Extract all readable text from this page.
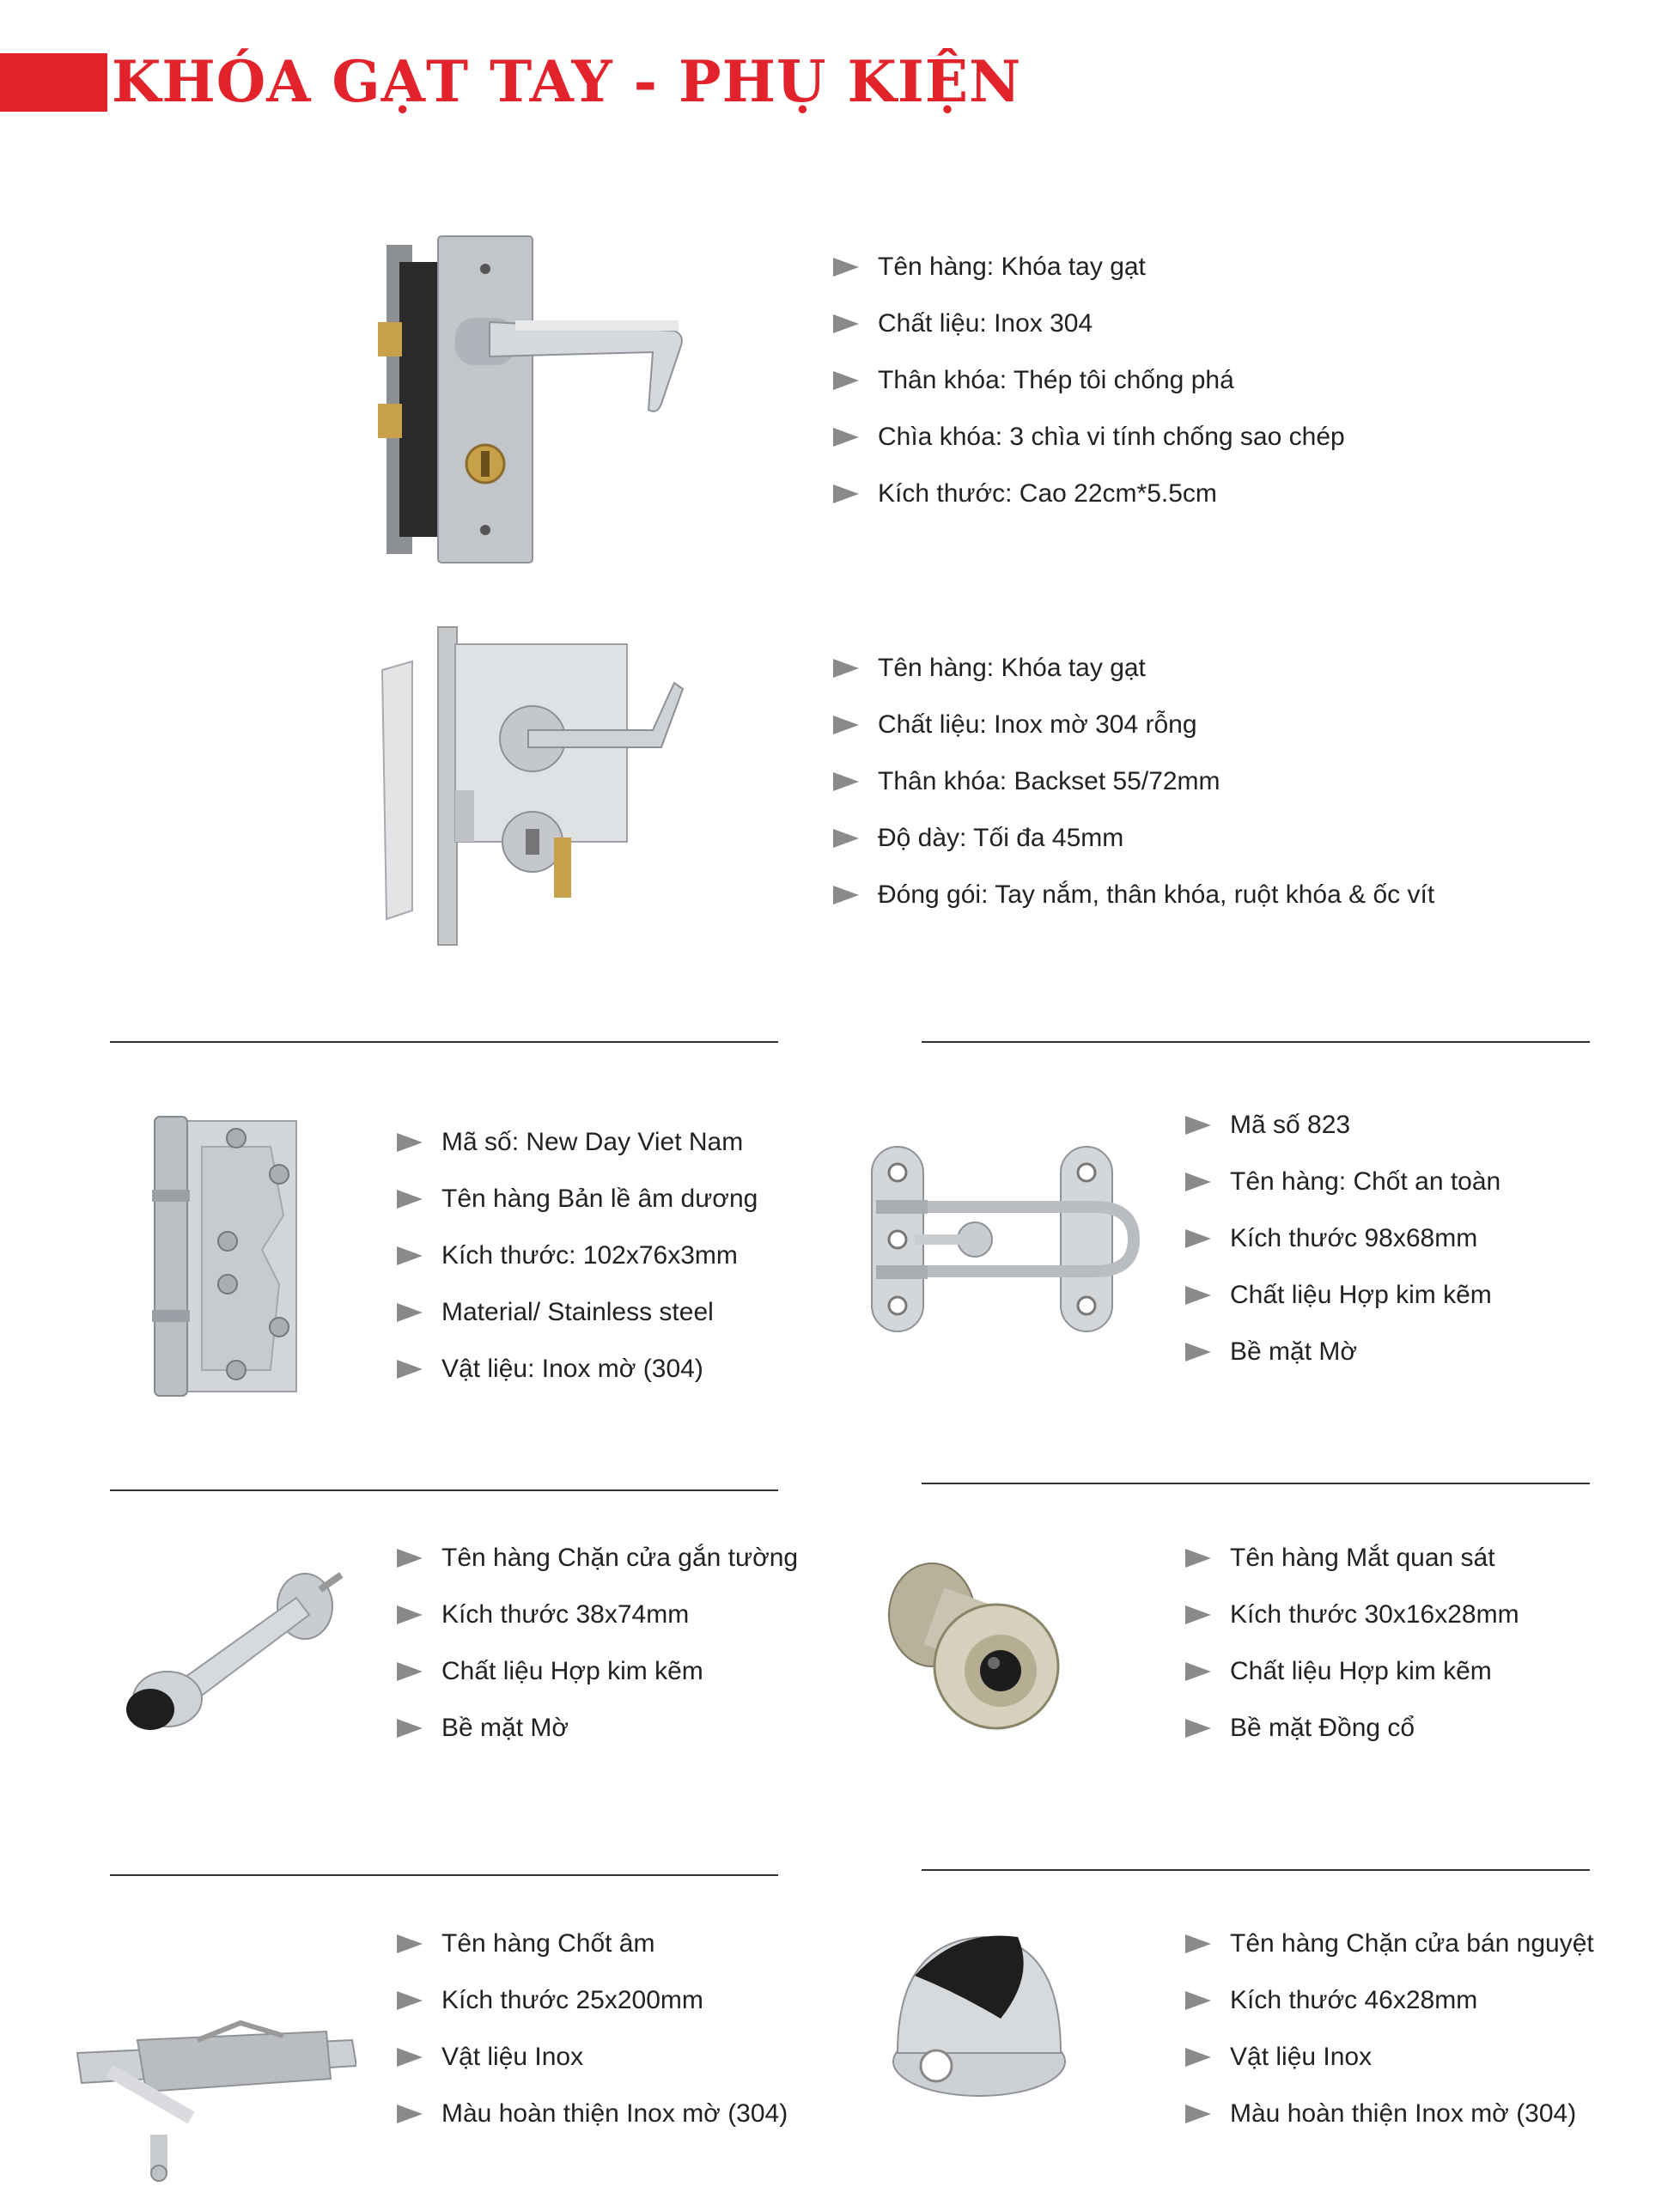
KHÓA GẠT TAY - PHỤ KIỆN
Tên hàng: Khóa tay gạt
Chất liệu: Inox 304
Thân khóa: Thép tôi chống phá
Chìa khóa: 3 chìa vi tính chống sao chép
Kích thước: Cao 22cm*5.5cm
Tên hàng: Khóa tay gạt
Chất liệu: Inox mờ 304 rỗng
Thân khóa: Backset 55/72mm
Độ dày: Tối đa 45mm
Đóng gói: Tay nắm, thân khóa, ruột khóa & ốc vít
Mã số: New Day Viet Nam
Tên hàng Bản lề âm dương
Kích thước: 102x76x3mm
Material/ Stainless steel
Vật liệu: Inox mờ (304)
Mã số 823
Tên hàng: Chốt an toàn
Kích thước 98x68mm
Chất liệu Hợp kim kẽm
Bề mặt Mờ
Tên hàng Chặn cửa gắn tường
Kích thước 38x74mm
Chất liệu Hợp kim kẽm
Bề mặt Mờ
Tên hàng Mắt quan sát
Kích thước 30x16x28mm
Chất liệu Hợp kim kẽm
Bề mặt Đồng cổ
Tên hàng Chốt âm
Kích thước 25x200mm
Vật liệu Inox
Màu hoàn thiện Inox mờ (304)
Tên hàng Chặn cửa bán nguyệt
Kích thước 46x28mm
Vật liệu Inox
Màu hoàn thiện Inox mờ (304)
